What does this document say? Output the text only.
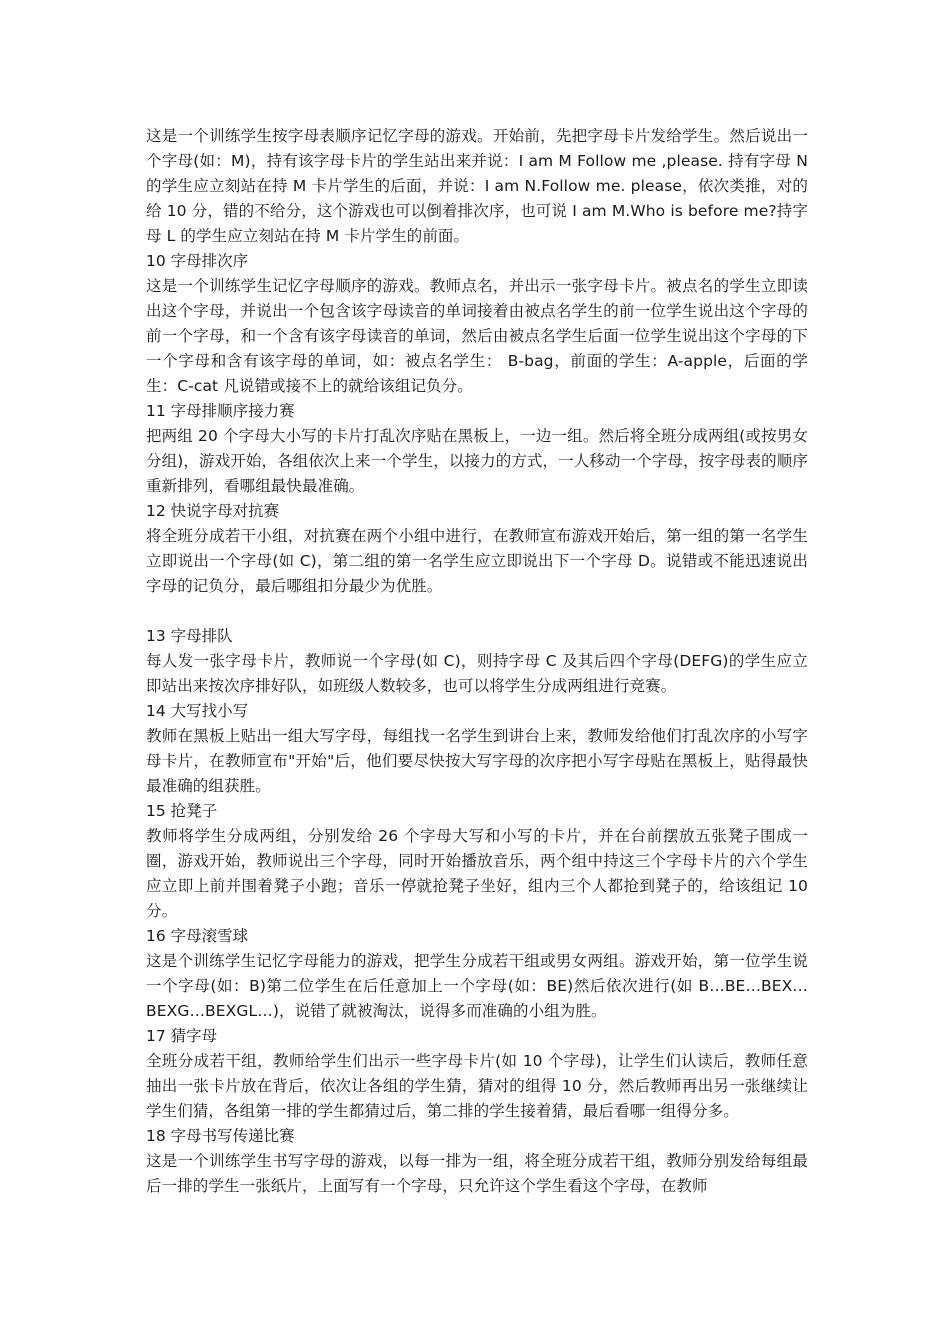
这是一个训练学生按字母表顺序记忆字母的游戏。开始前，先把字母卡片发给学生。然后说出一个字母(如：M)，持有该字母卡片的学生站出来并说：I am M Follow me ,please. 持有字母 N 的学生应立刻站在持 M 卡片学生的后面，并说：I am N.Follow me. please，依次类推，对的给 10 分，错的不给分，这个游戏也可以倒着排次序，也可说 I am M.Who is before me?持字母 L 的学生应立刻站在持 M 卡片学生的前面。

10 字母排次序

这是一个训练学生记忆字母顺序的游戏。教师点名，并出示一张字母卡片。被点名的学生立即读出这个字母，并说出一个包含该字母读音的单词接着由被点名学生的前一位学生说出这个字母的前一个字母，和一个含有该字母读音的单词，然后由被点名学生后面一位学生说出这个字母的下一个字母和含有该字母的单词，如：被点名学生： B-bag，前面的学生：A-apple，后面的学生：C-cat 凡说错或接不上的就给该组记负分。

11 字母排顺序接力赛

把两组 20 个字母大小写的卡片打乱次序贴在黑板上，一边一组。然后将全班分成两组(或按男女分组)，游戏开始，各组依次上来一个学生，以接力的方式，一人移动一个字母，按字母表的顺序重新排列，看哪组最快最准确。

12 快说字母对抗赛

将全班分成若干小组，对抗赛在两个小组中进行，在教师宣布游戏开始后，第一组的第一名学生立即说出一个字母(如 C)，第二组的第一名学生应立即说出下一个字母 D。说错或不能迅速说出字母的记负分，最后哪组扣分最少为优胜。

13 字母排队

每人发一张字母卡片，教师说一个字母(如 C)，则持字母 C 及其后四个字母(DEFG)的学生应立即站出来按次序排好队，如班级人数较多，也可以将学生分成两组进行竞赛。

14 大写找小写

教师在黑板上贴出一组大写字母，每组找一名学生到讲台上来，教师发给他们打乱次序的小写字母卡片，在教师宣布"开始"后，他们要尽快按大写字母的次序把小写字母贴在黑板上，贴得最快最准确的组获胜。

15 抢凳子

教师将学生分成两组，分别发给 26 个字母大写和小写的卡片，并在台前摆放五张凳子围成一圈，游戏开始，教师说出三个字母，同时开始播放音乐，两个组中持这三个字母卡片的六个学生应立即上前并围着凳子小跑；音乐一停就抢凳子坐好，组内三个人都抢到凳子的，给该组记 10 分。

16 字母滚雪球

这是个训练学生记忆字母能力的游戏，把学生分成若干组或男女两组。游戏开始，第一位学生说一个字母(如：B)第二位学生在后任意加上一个字母(如：BE)然后依次进行(如 B…BE…BEX…BEXG…BEXGL…)，说错了就被淘汰，说得多而准确的小组为胜。

17 猜字母

全班分成若干组，教师给学生们出示一些字母卡片(如 10 个字母)，让学生们认读后，教师任意抽出一张卡片放在背后，依次让各组的学生猜，猜对的组得 10 分，然后教师再出另一张继续让学生们猜，各组第一排的学生都猜过后，第二排的学生接着猜，最后看哪一组得分多。

18 字母书写传递比赛

这是一个训练学生书写字母的游戏，以每一排为一组，将全班分成若干组，教师分别发给每组最后一排的学生一张纸片，上面写有一个字母，只允许这个学生看这个字母，在教师
